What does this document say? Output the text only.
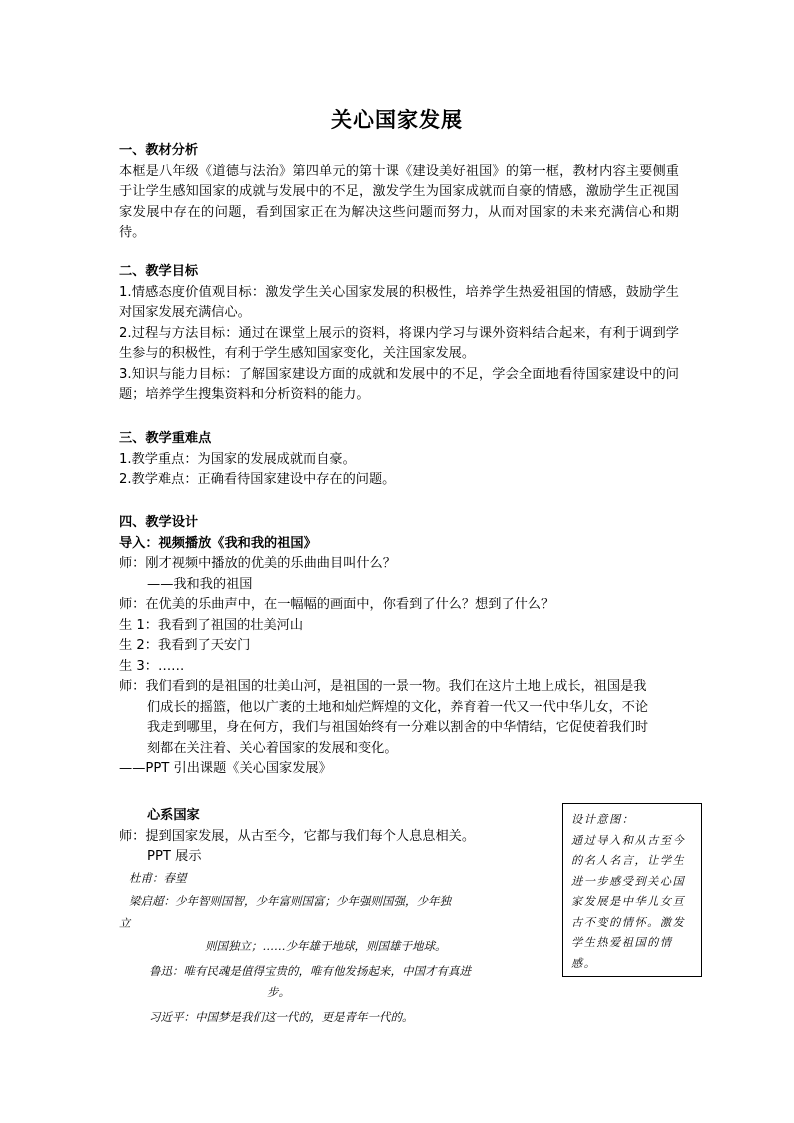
关心国家发展
一、教材分析

本框是八年级《道德与法治》第四单元的第十课《建设美好祖国》的第一框，教材内容主要侧重于让学生感知国家的成就与发展中的不足，激发学生为国家成就而自豪的情感，激励学生正视国家发展中存在的问题，看到国家正在为解决这些问题而努力，从而对国家的未来充满信心和期待。

二、教学目标

1.情感态度价值观目标：激发学生关心国家发展的积极性，培养学生热爱祖国的情感，鼓励学生对国家发展充满信心。

2.过程与方法目标：通过在课堂上展示的资料，将课内学习与课外资料结合起来，有利于调到学生参与的积极性，有利于学生感知国家变化，关注国家发展。

3.知识与能力目标：了解国家建设方面的成就和发展中的不足，学会全面地看待国家建设中的问题；培养学生搜集资料和分析资料的能力。

三、教学重难点

1.教学重点：为国家的发展成就而自豪。

2.教学难点：正确看待国家建设中存在的问题。

四、教学设计
导入：视频播放《我和我的祖国》
师：刚才视频中播放的优美的乐曲曲目叫什么？
——我和我的祖国
师：在优美的乐曲声中，在一幅幅的画面中，你看到了什么？想到了什么？
生 1：我看到了祖国的壮美河山
生 2：我看到了天安门
生 3：……
师：我们看到的是祖国的壮美山河，是祖国的一景一物。我们在这片土地上成长，祖国是我
们成长的摇篮，他以广袤的土地和灿烂辉煌的文化，养育着一代又一代中华儿女，不论
我走到哪里，身在何方，我们与祖国始终有一分难以割舍的中华情结，它促使着我们时
刻都在关注着、关心着国家的发展和变化。
——PPT 引出课题《关心国家发展》
心系国家
师：提到国家发展，从古至今，它都与我们每个人息息相关。
PPT 展示
杜甫：春望
梁启超：少年智则国智，少年富则国富；少年强则国强，少年独
立
则国独立；……少年雄于地球，则国雄于地球。
鲁迅：唯有民魂是值得宝贵的，唯有他发扬起来，中国才有真进
步。
习近平：中国梦是我们这一代的，更是青年一代的。

设计意图：

通过导入和从古至今的名人名言，让学生进一步感受到关心国家发展是中华儿女亘古不变的情怀。激发学生热爱祖国的情感。
